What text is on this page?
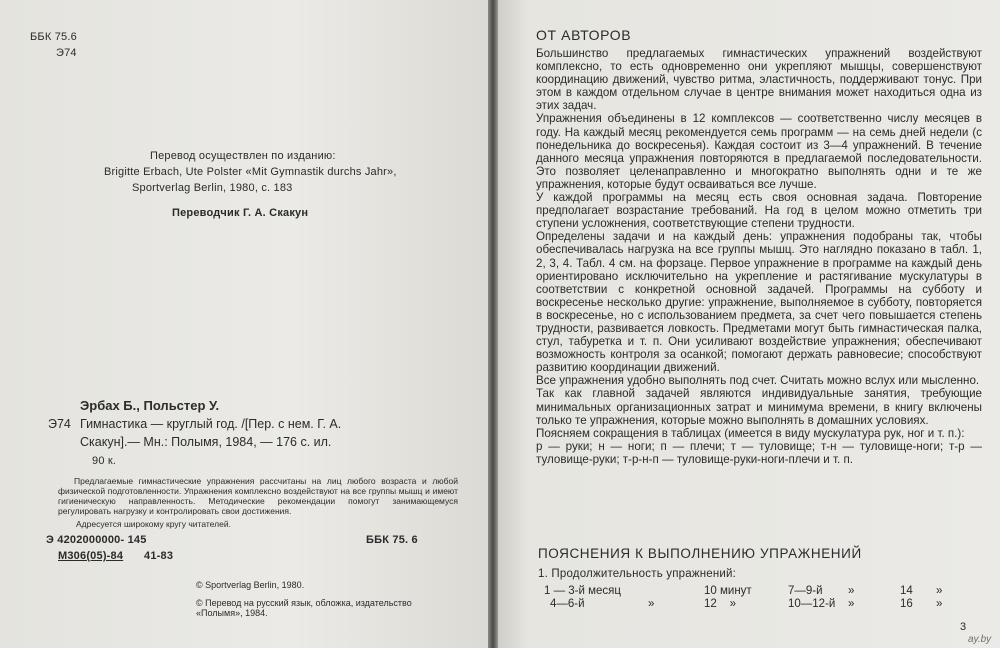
ББК 75.6
Э74
Перевод осуществлен по изданию:
Brigitte Erbach, Ute Polster «Mit Gymnastik durchs Jahr»,
Sportverlag Berlin, 1980, с. 183
Переводчик Г. А. Скакун
Эрбах Б., Польстер У.
Э74 Гимнастика — круглый год. /[Пер. с нем. Г. А.
Скакун].— Мн.: Полымя, 1984, — 176 с. ил.
90 к.
Предлагаемые гимнастические упражнения рассчитаны на лиц любого возраста и любой физической подготовленности. Упражнения комплексно воздействуют на все группы мышц и имеют гигиеническую направленность. Методические рекомендации помогут занимающемуся регулировать нагрузку и контролировать свои достижения.
Адресуется широкому кругу читателей.
Э 4202000000- 145
М306(05)-84 41-83
ББК 75. 6
© Sportverlag Berlin, 1980.
© Перевод на русский язык, обложка, издательство «Полымя», 1984.
ОТ АВТОРОВ

Большинство предлагаемых гимнастических упражнений воздействуют комплексно, то есть одновременно они укрепляют мышцы, совершенствуют координацию движений, чувство ритма, эластичность, поддерживают тонус. При этом в каждом отдельном случае в центре внимания может находиться одна из этих задач.

Упражнения объединены в 12 комплексов — соответственно числу месяцев в году. На каждый месяц рекомендуется семь программ — на семь дней недели (с понедельника до воскресенья). Каждая состоит из 3—4 упражнений. В течение данного месяца упражнения повторяются в предлагаемой последовательности. Это позволяет целенаправленно и многократно выполнять одни и те же упражнения, которые будут осваиваться все лучше.

У каждой программы на месяц есть своя основная задача. Повторение предполагает возрастание требований. На год в целом можно отметить три ступени усложнения, соответствующие степени трудности.

Определены задачи и на каждый день: упражнения подобраны так, чтобы обеспечивалась нагрузка на все группы мышц. Это наглядно показано в табл. 1, 2, 3, 4. Табл. 4 см. на форзаце. Первое упражнение в программе на каждый день ориентировано исключительно на укрепление и растягивание мускулатуры в соответствии с конкретной основной задачей. Программы на субботу и воскресенье несколько другие: упражнение, выполняемое в субботу, повторяется в воскресенье, но с использованием предмета, за счет чего повышается степень трудности, развивается ловкость. Предметами могут быть гимнастическая палка, стул, табуретка и т. п. Они усиливают воздействие упражнения; обеспечивают возможность контроля за осанкой; помогают держать равновесие; способствуют развитию координации движений.

Все упражнения удобно выполнять под счет. Считать можно вслух или мысленно.

Так как главной задачей являются индивидуальные занятия, требующие минимальных организационных затрат и минимума времени, в книгу включены только те упражнения, которые можно выполнять в домашних условиях.

Поясняем сокращения в таблицах (имеется в виду мускулатура рук, ног и т. п.):

р — руки; н — ноги; п — плечи; т — туловище; т-н — туловище-ноги; т-р — туловище-руки; т-р-н-п — туловище-руки-ноги-плечи и т. п.

ПОЯСНЕНИЯ К ВЫПОЛНЕНИЮ УПРАЖНЕНИЙ
1. Продолжительность упражнений:
1 — 3-й месяц		10 минут	7—9-й	»	14	»
4—6-й	»	12 »	10—12-й	»	16	»
3
ay.by
